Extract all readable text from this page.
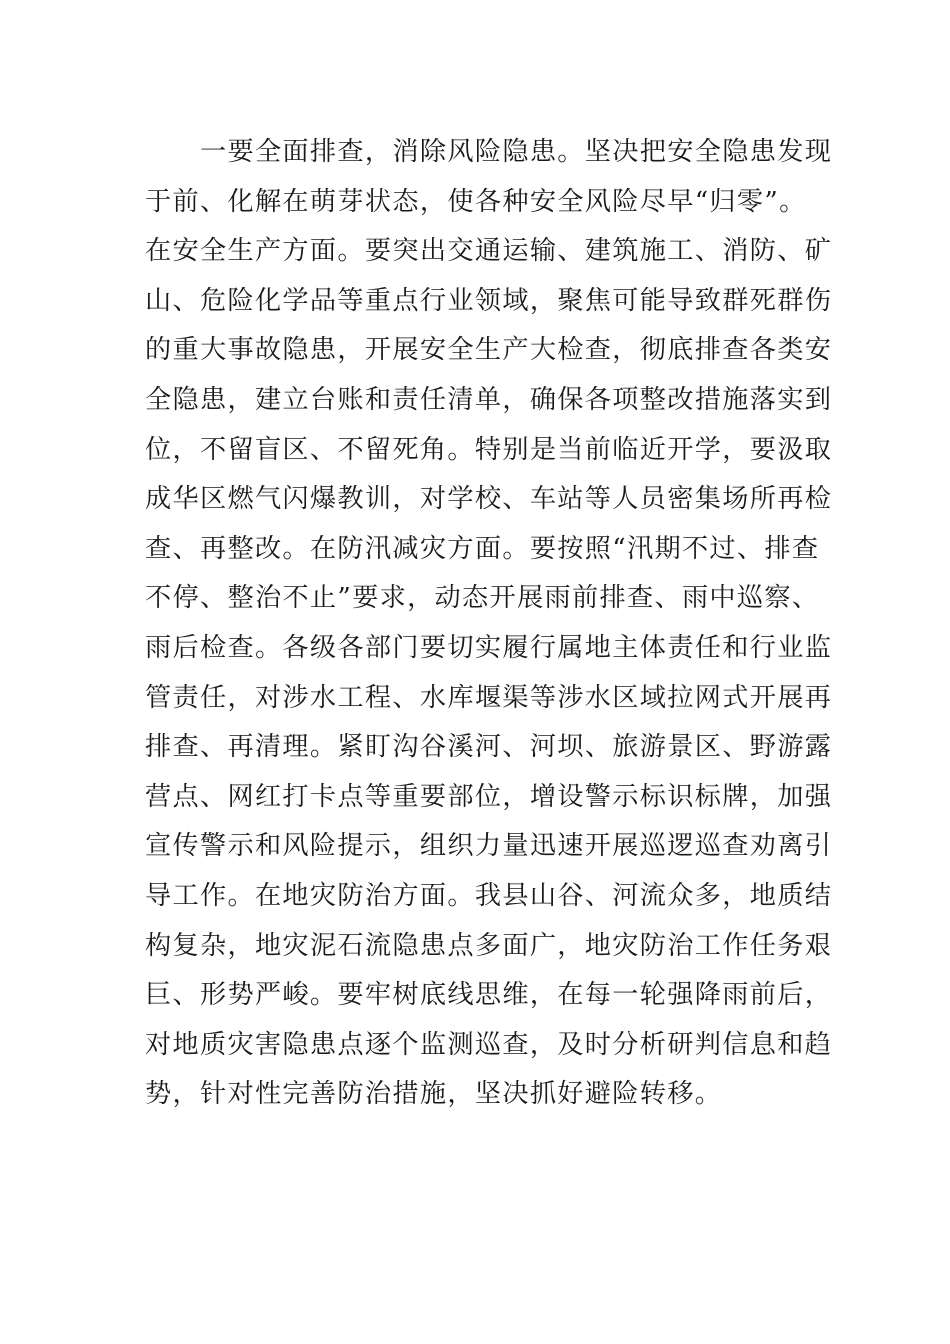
　　一要全面排查，消除风险隐患。坚决把安全隐患发现
于前、化解在萌芽状态，使各种安全风险尽早“归零”。
在安全生产方面。要突出交通运输、建筑施工、消防、矿
山、危险化学品等重点行业领域，聚焦可能导致群死群伤
的重大事故隐患，开展安全生产大检查，彻底排查各类安
全隐患，建立台账和责任清单，确保各项整改措施落实到
位，不留盲区、不留死角。特别是当前临近开学，要汲取
成华区燃气闪爆教训，对学校、车站等人员密集场所再检
查、再整改。在防汛减灾方面。要按照“汛期不过、排查
不停、整治不止”要求，动态开展雨前排查、雨中巡察、
雨后检查。各级各部门要切实履行属地主体责任和行业监
管责任，对涉水工程、水库堰渠等涉水区域拉网式开展再
排查、再清理。紧盯沟谷溪河、河坝、旅游景区、野游露
营点、网红打卡点等重要部位，增设警示标识标牌，加强
宣传警示和风险提示，组织力量迅速开展巡逻巡查劝离引
导工作。在地灾防治方面。我县山谷、河流众多，地质结
构复杂，地灾泥石流隐患点多面广，地灾防治工作任务艰
巨、形势严峻。要牢树底线思维，在每一轮强降雨前后，
对地质灾害隐患点逐个监测巡查，及时分析研判信息和趋
势，针对性完善防治措施，坚决抓好避险转移。
